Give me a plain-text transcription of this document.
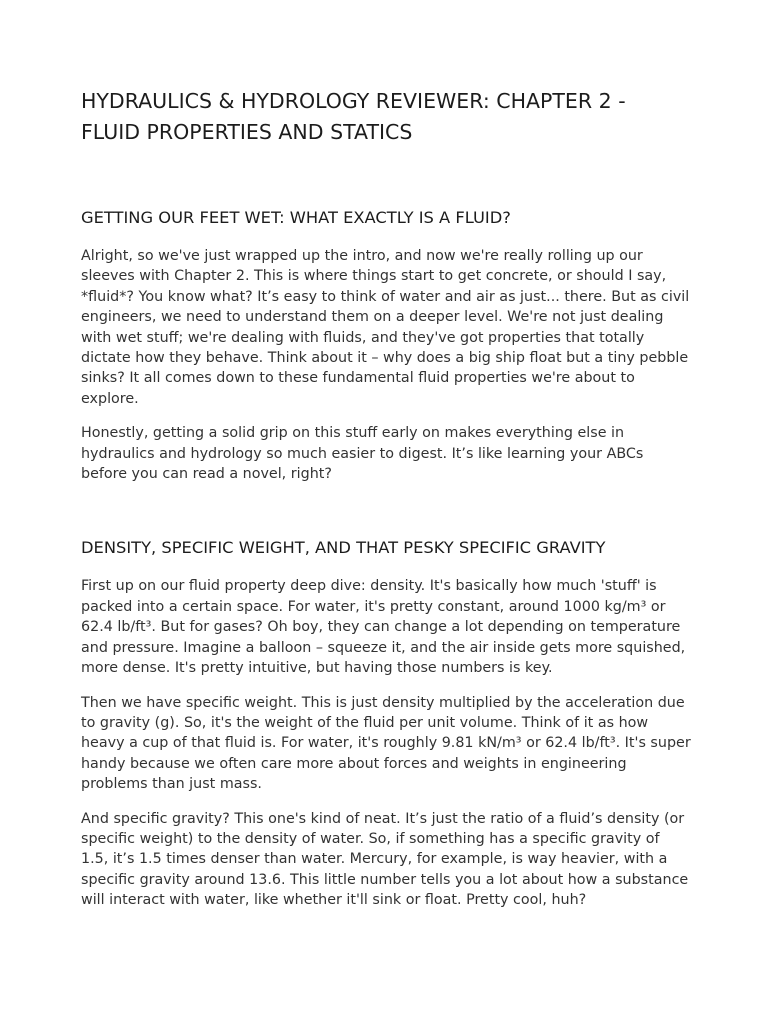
HYDRAULICS & HYDROLOGY REVIEWER: CHAPTER 2 - FLUID PROPERTIES AND STATICS
GETTING OUR FEET WET: WHAT EXACTLY IS A FLUID?

Alright, so we've just wrapped up the intro, and now we're really rolling up our sleeves with Chapter 2. This is where things start to get concrete, or should I say, *fluid*? You know what? It’s easy to think of water and air as just... there. But as civil engineers, we need to understand them on a deeper level. We're not just dealing with wet stuff; we're dealing with fluids, and they've got properties that totally dictate how they behave. Think about it – why does a big ship float but a tiny pebble sinks? It all comes down to these fundamental fluid properties we're about to explore.

Honestly, getting a solid grip on this stuff early on makes everything else in hydraulics and hydrology so much easier to digest. It’s like learning your ABCs before you can read a novel, right?

DENSITY, SPECIFIC WEIGHT, AND THAT PESKY SPECIFIC GRAVITY

First up on our fluid property deep dive: density. It's basically how much 'stuff' is packed into a certain space. For water, it's pretty constant, around 1000 kg/m³ or 62.4 lb/ft³. But for gases? Oh boy, they can change a lot depending on temperature and pressure. Imagine a balloon – squeeze it, and the air inside gets more squished, more dense. It's pretty intuitive, but having those numbers is key.

Then we have specific weight. This is just density multiplied by the acceleration due to gravity (g). So, it's the weight of the fluid per unit volume. Think of it as how heavy a cup of that fluid is. For water, it's roughly 9.81 kN/m³ or 62.4 lb/ft³. It's super handy because we often care more about forces and weights in engineering problems than just mass.

And specific gravity? This one's kind of neat. It’s just the ratio of a fluid’s density (or specific weight) to the density of water. So, if something has a specific gravity of 1.5, it’s 1.5 times denser than water. Mercury, for example, is way heavier, with a specific gravity around 13.6. This little number tells you a lot about how a substance will interact with water, like whether it'll sink or float. Pretty cool, huh?
